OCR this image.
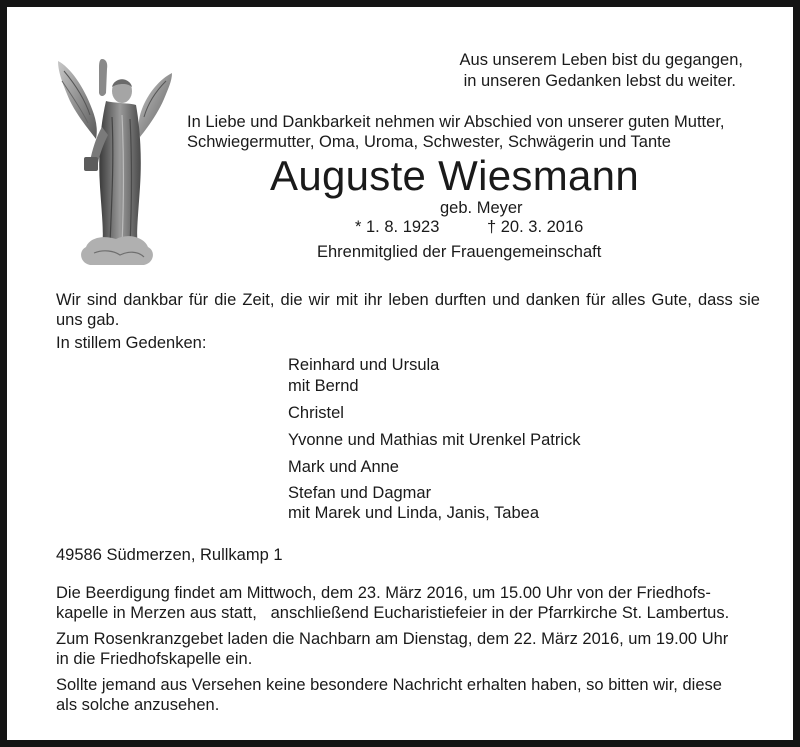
Aus unserem Leben bist du gegangen,
in unseren Gedanken lebst du weiter.
In Liebe und Dankbarkeit nehmen wir Abschied von unserer guten Mutter,
Schwiegermutter, Oma, Uroma, Schwester, Schwägerin und Tante
Auguste Wiesmann
geb. Meyer
* 1. 8. 1923	† 20. 3. 2016
Ehrenmitglied der Frauengemeinschaft
Wir sind dankbar für die Zeit, die wir mit ihr leben durften und danken für alles Gute, dass sie uns gab.
In stillem Gedenken:
Reinhard und Ursula
mit Bernd
Christel
Yvonne und Mathias mit Urenkel Patrick
Mark und Anne
Stefan und Dagmar
mit Marek und Linda, Janis, Tabea
49586 Südmerzen, Rullkamp 1
Die Beerdigung findet am Mittwoch, dem 23. März 2016, um 15.00 Uhr von der Friedhofs-
kapelle in Merzen aus statt,   anschließend Eucharistiefeier in der Pfarrkirche St. Lambertus.
Zum Rosenkranzgebet laden die Nachbarn am Dienstag, dem 22. März 2016, um 19.00 Uhr
in die Friedhofskapelle ein.
Sollte jemand aus Versehen keine besondere Nachricht erhalten haben, so bitten wir, diese
als solche anzusehen.
